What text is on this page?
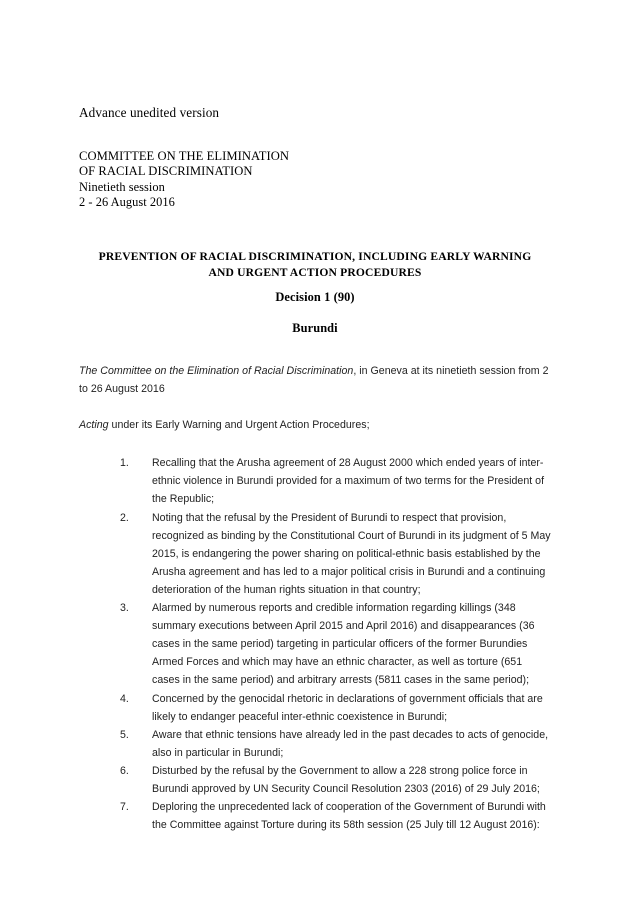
Advance unedited version
COMMITTEE ON THE ELIMINATION
OF RACIAL DISCRIMINATION
Ninetieth session
2 - 26 August 2016
PREVENTION OF RACIAL DISCRIMINATION, INCLUDING EARLY WARNING
AND URGENT ACTION PROCEDURES
Decision 1 (90)
Burundi

The Committee on the Elimination of Racial Discrimination, in Geneva at its ninetieth session from 2 to 26 August 2016

Acting under its Early Warning and Urgent Action Procedures;

1.	Recalling that the Arusha agreement of 28 August 2000 which ended years of inter-ethnic violence in Burundi provided for a maximum of two terms for the President of the Republic;
2.	Noting that the refusal by the President of Burundi to respect that provision, recognized as binding by the Constitutional Court of Burundi in its judgment of 5 May 2015, is endangering the power sharing on political-ethnic basis established by the Arusha agreement and has led to a major political crisis in Burundi and a continuing deterioration of the human rights situation in that country;
3.	Alarmed by numerous reports and credible information regarding killings (348 summary executions between April 2015 and April 2016) and disappearances (36 cases in the same period) targeting in particular officers of the former Burundies Armed Forces and which may have an ethnic character, as well as torture (651 cases in the same period) and arbitrary arrests (5811 cases in the same period);
4.	Concerned by the genocidal rhetoric in declarations of government officials that are likely to endanger peaceful inter-ethnic coexistence in Burundi;
5.	Aware that ethnic tensions have already led in the past decades to acts of genocide, also in particular in Burundi;
6.	Disturbed by the refusal by the Government to allow a 228 strong police force in Burundi approved by UN Security Council Resolution 2303 (2016) of 29 July 2016;
7.	Deploring the unprecedented lack of cooperation of the Government of Burundi with the Committee against Torture during its 58th session (25 July till 12 August 2016):
